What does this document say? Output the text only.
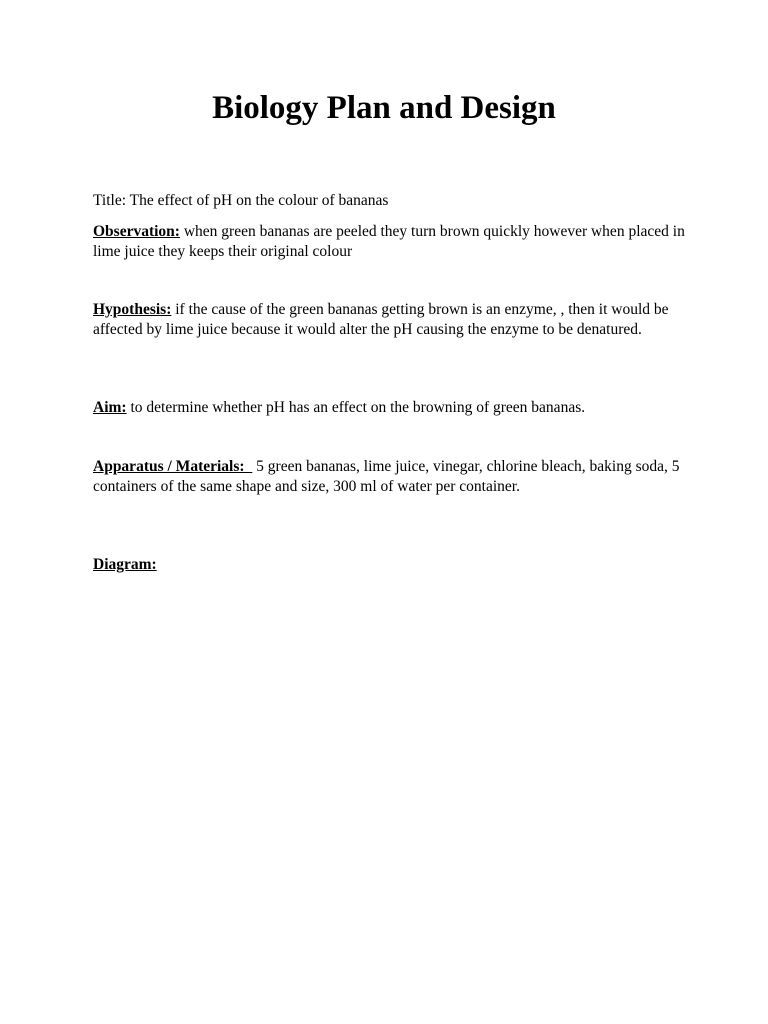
Biology Plan and Design

Title: The effect of pH on the colour of bananas

Observation: when green bananas are peeled they turn brown quickly however when placed in lime juice they keeps their original colour

Hypothesis: if the cause of the green bananas getting brown is an enzyme, , then it would be affected by lime juice because it would alter the pH causing the enzyme to be denatured.

Aim: to determine whether pH has an effect on the browning of green bananas.

Apparatus / Materials:   5 green bananas, lime juice, vinegar, chlorine bleach, baking soda, 5 containers of the same shape and size, 300 ml of water per container.

Diagram:
